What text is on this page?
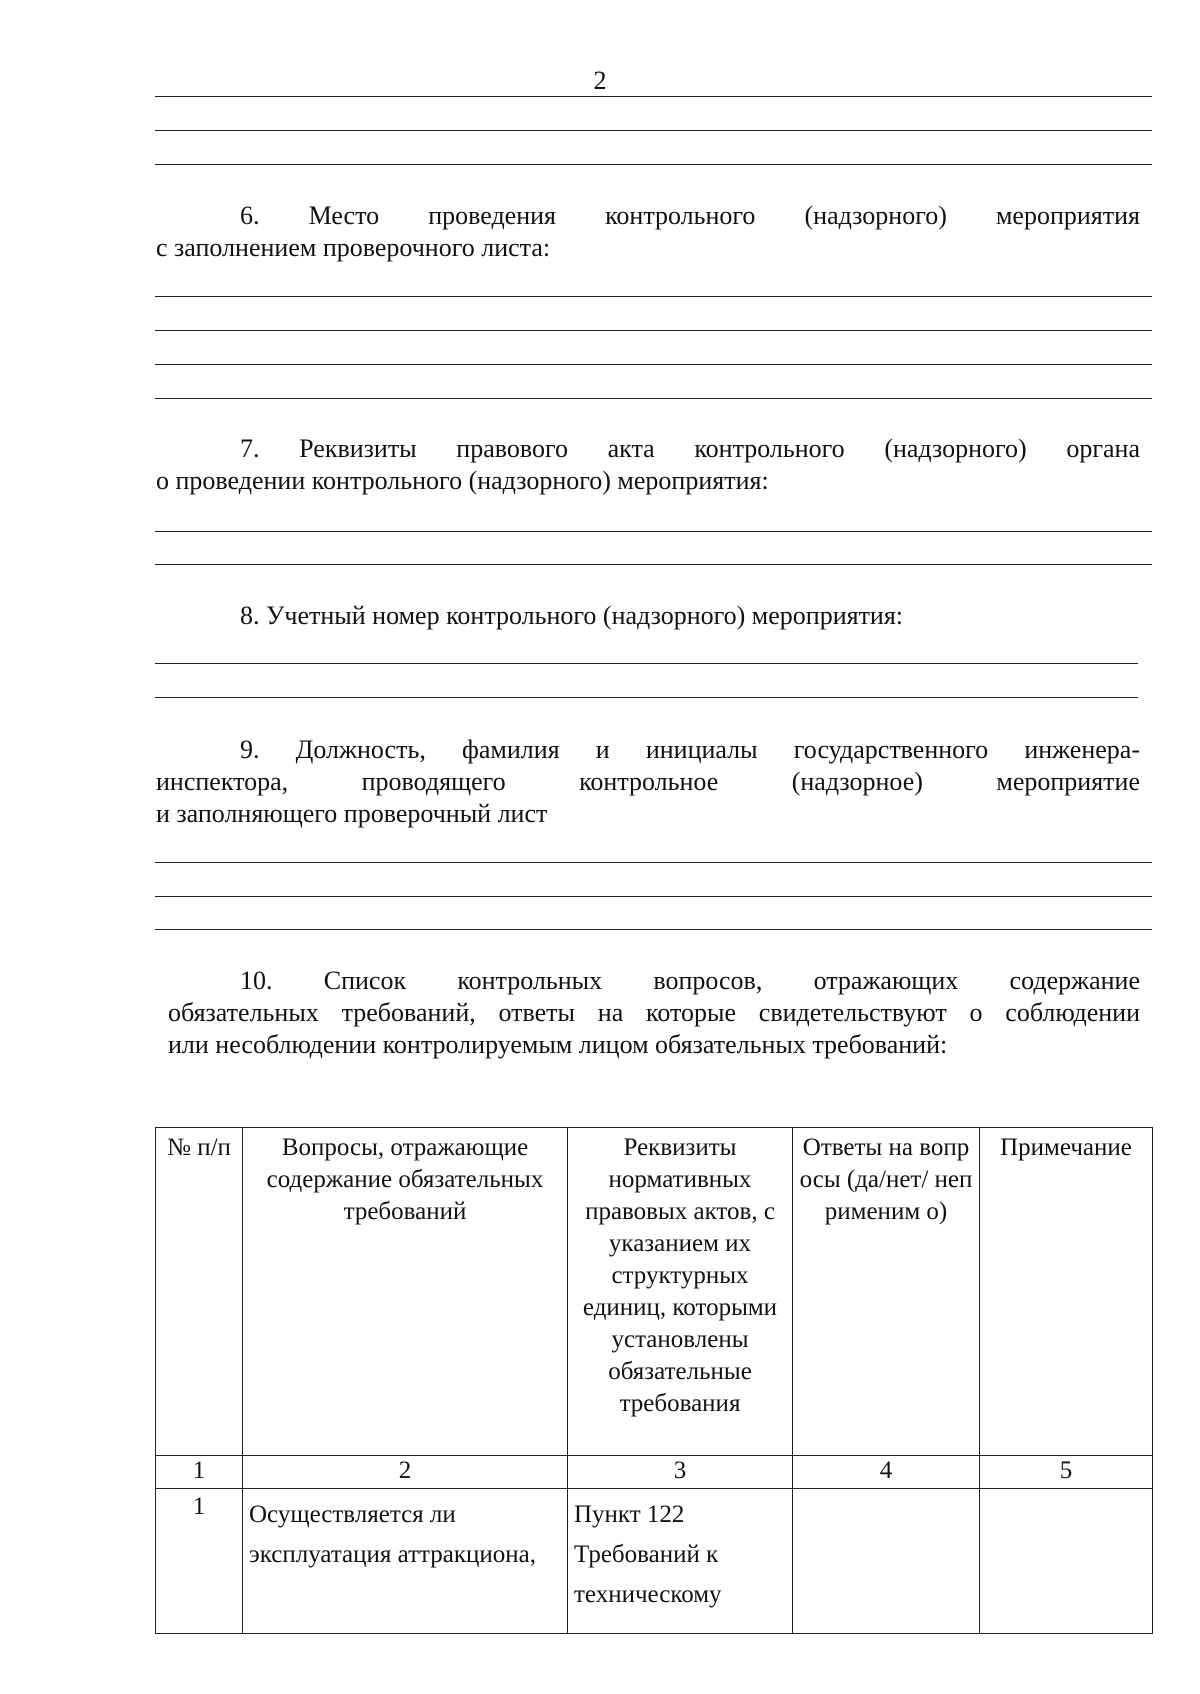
2
6. Место проведения контрольного (надзорного) мероприятия
с заполнением проверочного листа:
7. Реквизиты правового акта контрольного (надзорного) органа
о проведении контрольного (надзорного) мероприятия:
8. Учетный номер контрольного (надзорного) мероприятия:
9. Должность, фамилия и инициалы государственного инженера-
инспектора, проводящего контрольное (надзорное) мероприятие
и заполняющего проверочный лист
10. Список контрольных вопросов, отражающих содержание
обязательных требований, ответы на которые свидетельствуют о соблюдении
или несоблюдении контролируемым лицом обязательных требований:
№ п/п	Вопросы, отражающие содержание обязательных требований	Реквизиты нормативных правовых актов, с указанием их структурных единиц, которыми установлены обязательные требования	Ответы на вопросы (да/нет/ неприменим о)	Примечание
1	2	3	4	5
1	Осуществляется ли эксплуатация аттракциона,	Пункт 122 Требований к техническому		
